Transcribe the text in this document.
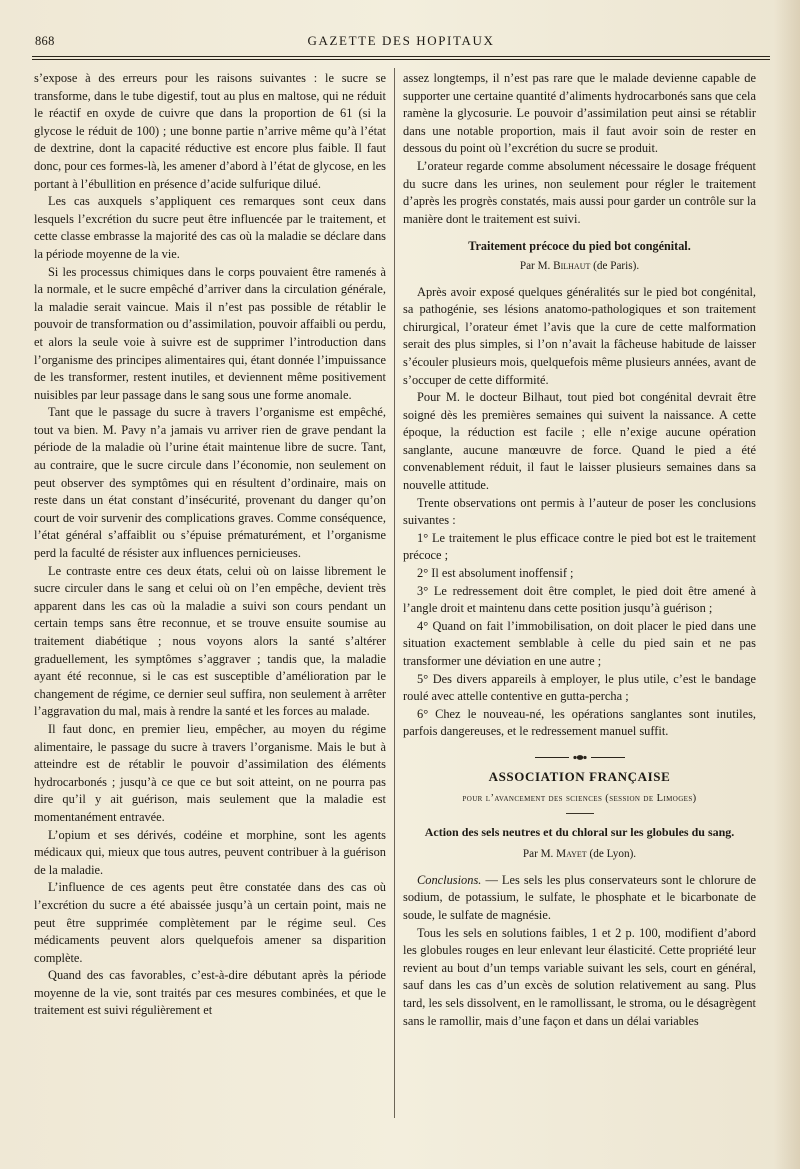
868	GAZETTE DES HOPITAUX

s’expose à des erreurs pour les raisons suivantes : le sucre se transforme, dans le tube digestif, tout au plus en maltose, qui ne réduit le réactif en oxyde de cuivre que dans la proportion de 61 (si la glycose le réduit de 100) ; une bonne partie n’arrive même qu’à l’état de dextrine, dont la capacité réductive est encore plus faible. Il faut donc, pour ces formes-là, les amener d’abord à l’état de glycose, en les portant à l’ébullition en présence d’acide sulfurique dilué.

Les cas auxquels s’appliquent ces remarques sont ceux dans lesquels l’excrétion du sucre peut être influencée par le traitement, et cette classe embrasse la majorité des cas où la maladie se déclare dans la période moyenne de la vie.

Si les processus chimiques dans le corps pouvaient être ramenés à la normale, et le sucre empêché d’arriver dans la circulation générale, la maladie serait vaincue. Mais il n’est pas possible de rétablir le pouvoir de transformation ou d’assimilation, pouvoir affaibli ou perdu, et alors la seule voie à suivre est de supprimer l’introduction dans l’organisme des principes alimentaires qui, étant donnée l’impuissance de les transformer, restent inutiles, et deviennent même positivement nuisibles par leur passage dans le sang sous une forme anomale.

Tant que le passage du sucre à travers l’organisme est empêché, tout va bien. M. Pavy n’a jamais vu arriver rien de grave pendant la période de la maladie où l’urine était maintenue libre de sucre. Tant, au contraire, que le sucre circule dans l’économie, non seulement on peut observer des symptômes qui en résultent d’ordinaire, mais on reste dans un état constant d’insécurité, provenant du danger qu’on court de voir survenir des complications graves. Comme conséquence, l’état général s’affaiblit ou s’épuise prématurément, et l’organisme perd la faculté de résister aux influences pernicieuses.

Le contraste entre ces deux états, celui où on laisse librement le sucre circuler dans le sang et celui où on l’en empêche, devient très apparent dans les cas où la maladie a suivi son cours pendant un certain temps sans être reconnue, et se trouve ensuite soumise au traitement diabétique ; nous voyons alors la santé s’altérer graduellement, les symptômes s’aggraver ; tandis que, la maladie ayant été reconnue, si le cas est susceptible d’amélioration par le changement de régime, ce dernier seul suffira, non seulement à arrêter l’aggravation du mal, mais à rendre la santé et les forces au malade.

Il faut donc, en premier lieu, empêcher, au moyen du régime alimentaire, le passage du sucre à travers l’organisme. Mais le but à atteindre est de rétablir le pouvoir d’assimilation des éléments hydrocarbonés ; jusqu’à ce que ce but soit atteint, on ne pourra pas dire qu’il y ait guérison, mais seulement que la maladie est momentanément entravée.

L’opium et ses dérivés, codéine et morphine, sont les agents médicaux qui, mieux que tous autres, peuvent contribuer à la guérison de la maladie.

L’influence de ces agents peut être constatée dans des cas où l’excrétion du sucre a été abaissée jusqu’à un certain point, mais ne peut être supprimée complètement par le régime seul. Ces médicaments peuvent alors quelquefois amener sa disparition complète.

Quand des cas favorables, c’est-à-dire débutant après la période moyenne de la vie, sont traités par ces mesures combinées, et que le traitement est suivi régulièrement et

assez longtemps, il n’est pas rare que le malade devienne capable de supporter une certaine quantité d’aliments hydrocarbonés sans que cela ramène la glycosurie. Le pouvoir d’assimilation peut ainsi se rétablir dans une notable proportion, mais il faut avoir soin de rester en dessous du point où l’excrétion du sucre se produit.

L’orateur regarde comme absolument nécessaire le dosage fréquent du sucre dans les urines, non seulement pour régler le traitement d’après les progrès constatés, mais aussi pour garder un contrôle sur la manière dont le traitement est suivi.

Traitement précoce du pied bot congénital.
Par M. Bilhaut (de Paris).

Après avoir exposé quelques généralités sur le pied bot congénital, sa pathogénie, ses lésions anatomo-pathologiques et son traitement chirurgical, l’orateur émet l’avis que la cure de cette malformation serait des plus simples, si l’on n’avait la fâcheuse habitude de laisser s’écouler plusieurs mois, quelquefois même plusieurs années, avant de s’occuper de cette difformité.

Pour M. le docteur Bilhaut, tout pied bot congénital devrait être soigné dès les premières semaines qui suivent la naissance. A cette époque, la réduction est facile ; elle n’exige aucune opération sanglante, aucune manœuvre de force. Quand le pied a été convenablement réduit, il faut le laisser plusieurs semaines dans sa nouvelle attitude.

Trente observations ont permis à l’auteur de poser les conclusions suivantes :

1° Le traitement le plus efficace contre le pied bot est le traitement précoce ;

2° Il est absolument inoffensif ;

3° Le redressement doit être complet, le pied doit être amené à l’angle droit et maintenu dans cette position jusqu’à guérison ;

4° Quand on fait l’immobilisation, on doit placer le pied dans une situation exactement semblable à celle du pied sain et ne pas transformer une déviation en une autre ;

5° Des divers appareils à employer, le plus utile, c’est le bandage roulé avec attelle contentive en gutta-percha ;

6° Chez le nouveau-né, les opérations sanglantes sont inutiles, parfois dangereuses, et le redressement manuel suffit.

ASSOCIATION FRANÇAISE
pour l’avancement des sciences (session de Limoges)
Action des sels neutres et du chloral sur les globules du sang.
Par M. Mayet (de Lyon).

Conclusions. — Les sels les plus conservateurs sont le chlorure de sodium, de potassium, le sulfate, le phosphate et le bicarbonate de soude, le sulfate de magnésie.

Tous les sels en solutions faibles, 1 et 2 p. 100, modifient d’abord les globules rouges en leur enlevant leur élasticité. Cette propriété leur revient au bout d’un temps variable suivant les sels, court en général, sauf dans les cas d’un excès de solution relativement au sang. Plus tard, les sels dissolvent, en le ramollissant, le stroma, ou le désagrègent sans le ramollir, mais d’une façon et dans un délai variables
